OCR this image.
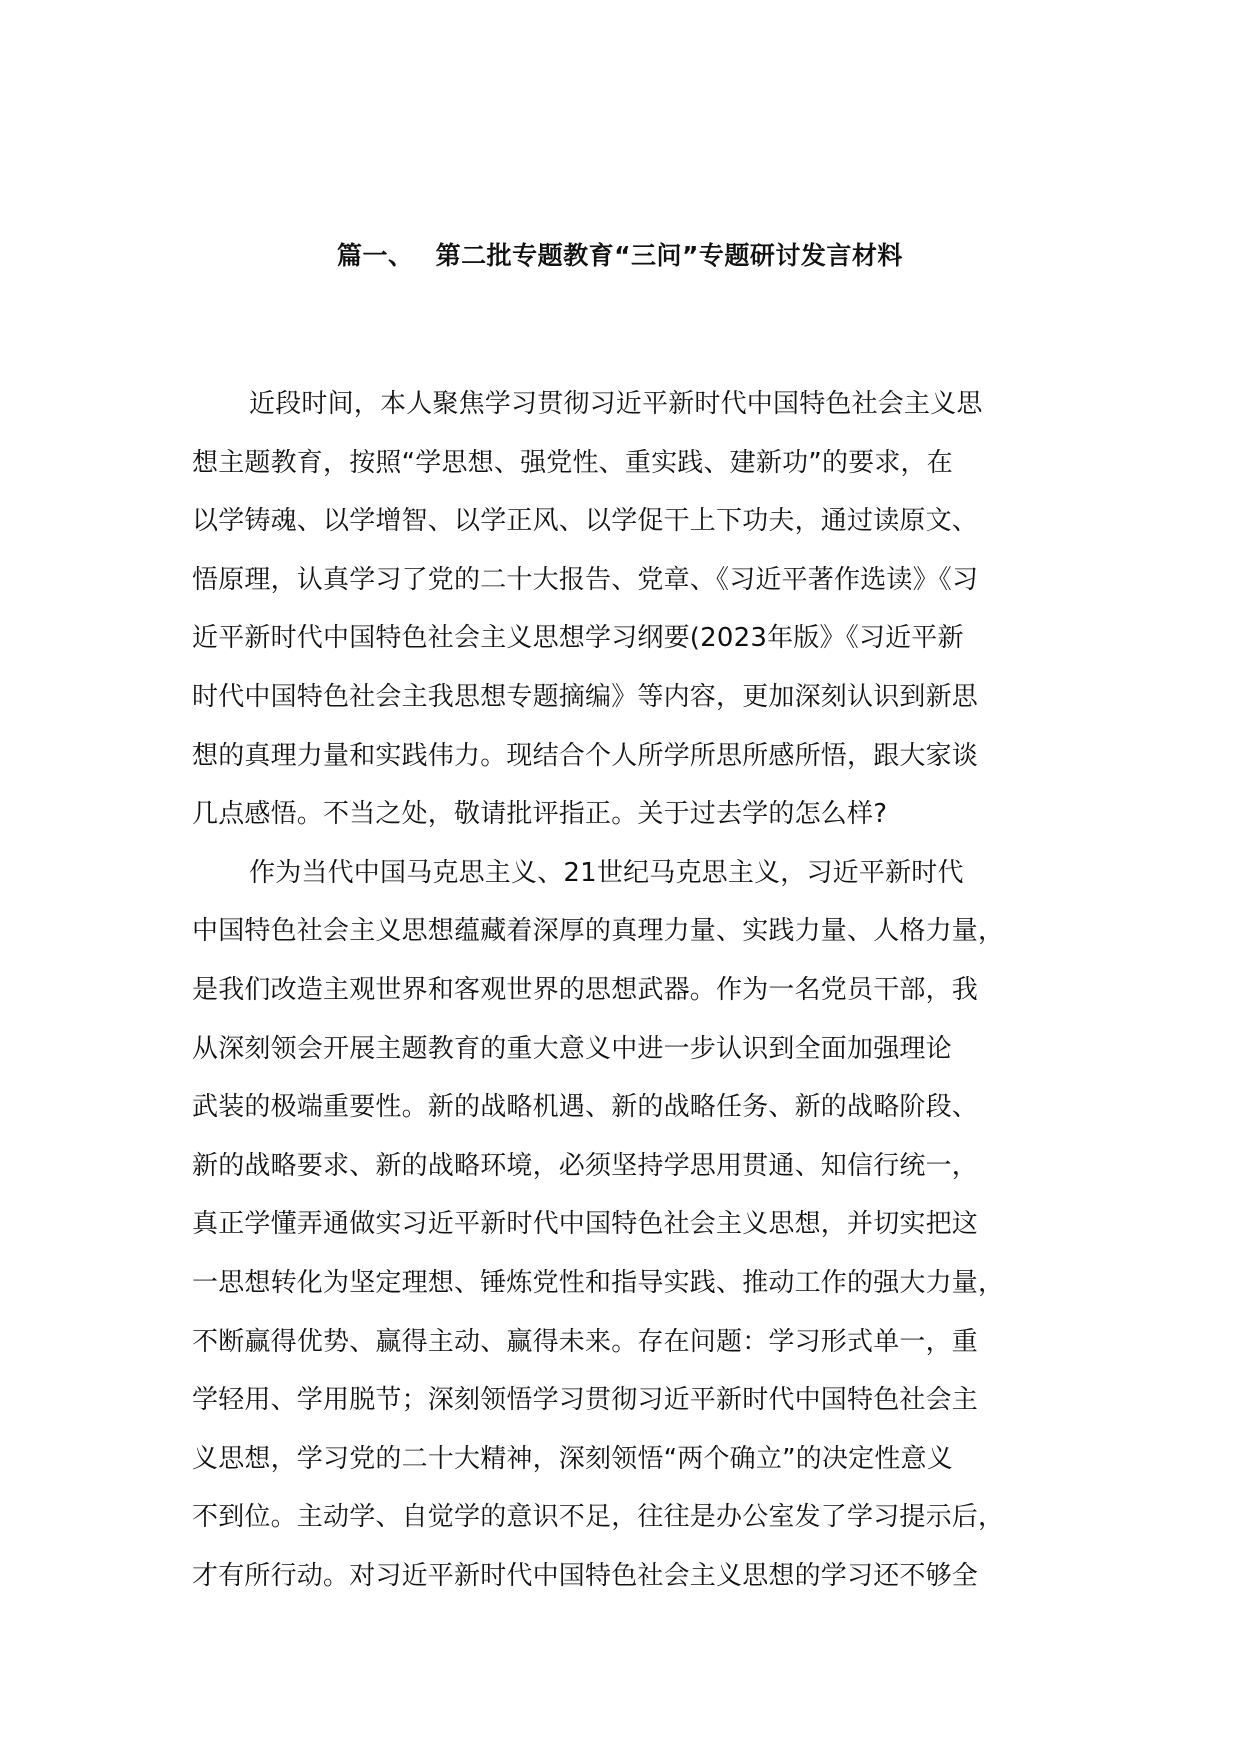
篇一、 第二批专题教育“三问”专题研讨发言材料
近段时间，本人聚焦学习贯彻习近平新时代中国特色社会主义思
想主题教育，按照“学思想、强党性、重实践、建新功”的要求，在
以学铸魂、以学增智、以学正风、以学促干上下功夫，通过读原文、
悟原理，认真学习了党的二十大报告、党章、《习近平著作选读》《习
近平新时代中国特色社会主义思想学习纲要(2023年版》《习近平新
时代中国特色社会主我思想专题摘编》等内容，更加深刻认识到新思
想的真理力量和实践伟力。现结合个人所学所思所感所悟，跟大家谈
几点感悟。不当之处，敬请批评指正。关于过去学的怎么样?
作为当代中国马克思主义、21世纪马克思主义，习近平新时代
中国特色社会主义思想蕴藏着深厚的真理力量、实践力量、人格力量，
是我们改造主观世界和客观世界的思想武器。作为一名党员干部，我
从深刻领会开展主题教育的重大意义中进一步认识到全面加强理论
武装的极端重要性。新的战略机遇、新的战略任务、新的战略阶段、
新的战略要求、新的战略环境，必须坚持学思用贯通、知信行统一，
真正学懂弄通做实习近平新时代中国特色社会主义思想，并切实把这
一思想转化为坚定理想、锤炼党性和指导实践、推动工作的强大力量，
不断赢得优势、赢得主动、赢得未来。存在问题：学习形式单一，重
学轻用、学用脱节；深刻领悟学习贯彻习近平新时代中国特色社会主
义思想，学习党的二十大精神，深刻领悟“两个确立”的决定性意义
不到位。主动学、自觉学的意识不足，往往是办公室发了学习提示后，
才有所行动。对习近平新时代中国特色社会主义思想的学习还不够全
